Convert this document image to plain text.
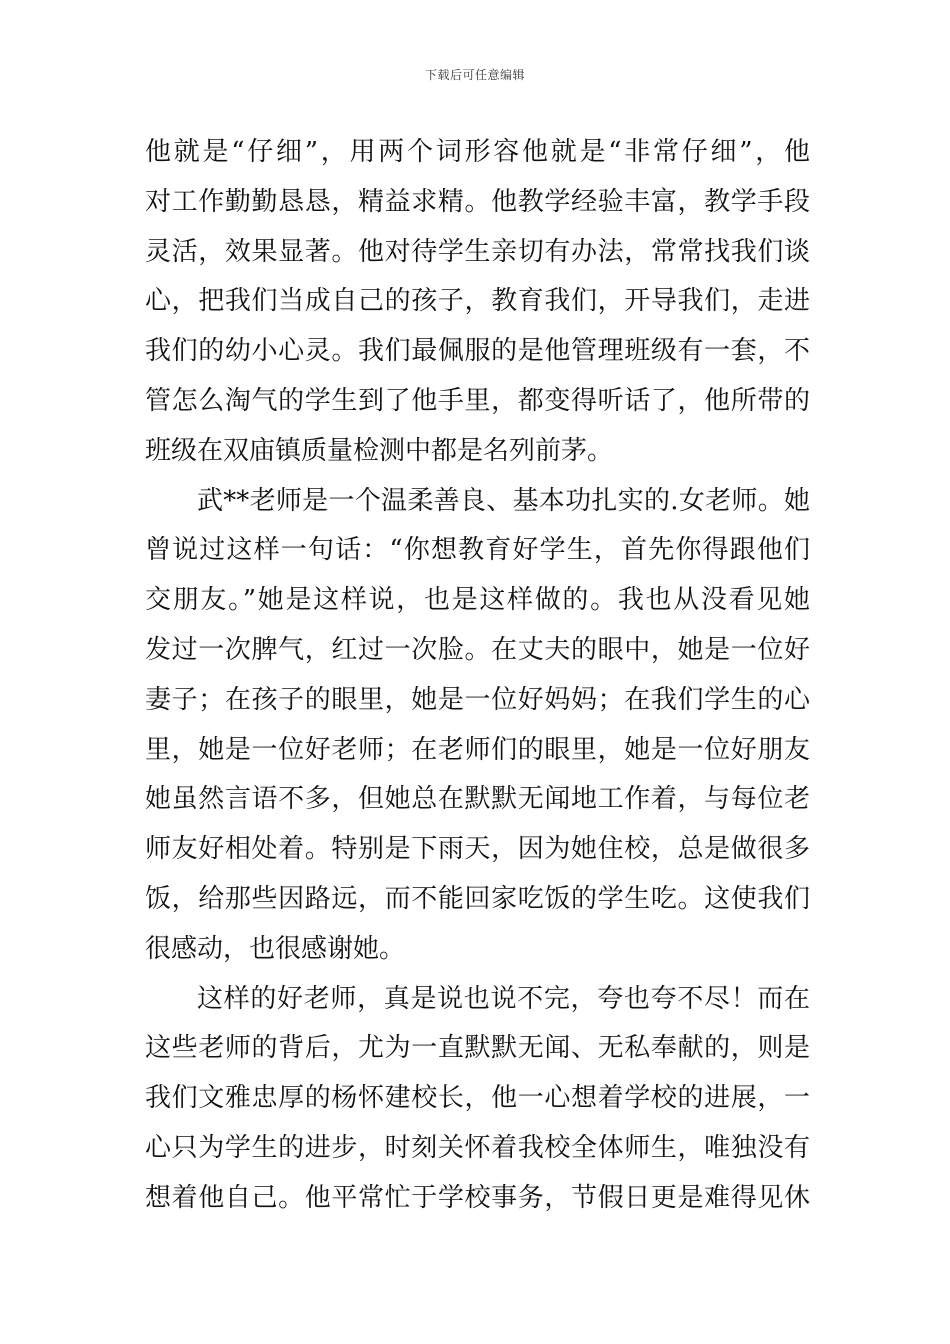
下载后可任意编辑
他就是“仔细”，用两个词形容他就是“非常仔细”，他
对工作勤勤恳恳，精益求精。他教学经验丰富，教学手段
灵活，效果显著。他对待学生亲切有办法，常常找我们谈
心，把我们当成自己的孩子，教育我们，开导我们，走进
我们的幼小心灵。我们最佩服的是他管理班级有一套，不
管怎么淘气的学生到了他手里，都变得听话了，他所带的
班级在双庙镇质量检测中都是名列前茅。
武**老师是一个温柔善良、基本功扎实的.女老师。她
曾说过这样一句话：“你想教育好学生，首先你得跟他们
交朋友。”她是这样说，也是这样做的。我也从没看见她
发过一次脾气，红过一次脸。在丈夫的眼中，她是一位好
妻子；在孩子的眼里，她是一位好妈妈；在我们学生的心
里，她是一位好老师；在老师们的眼里，她是一位好朋友
她虽然言语不多，但她总在默默无闻地工作着，与每位老
师友好相处着。特别是下雨天，因为她住校，总是做很多
饭，给那些因路远，而不能回家吃饭的学生吃。这使我们
很感动，也很感谢她。
这样的好老师，真是说也说不完，夸也夸不尽！而在
这些老师的背后，尤为一直默默无闻、无私奉献的，则是
我们文雅忠厚的杨怀建校长，他一心想着学校的进展，一
心只为学生的进步，时刻关怀着我校全体师生，唯独没有
想着他自己。他平常忙于学校事务，节假日更是难得见休
